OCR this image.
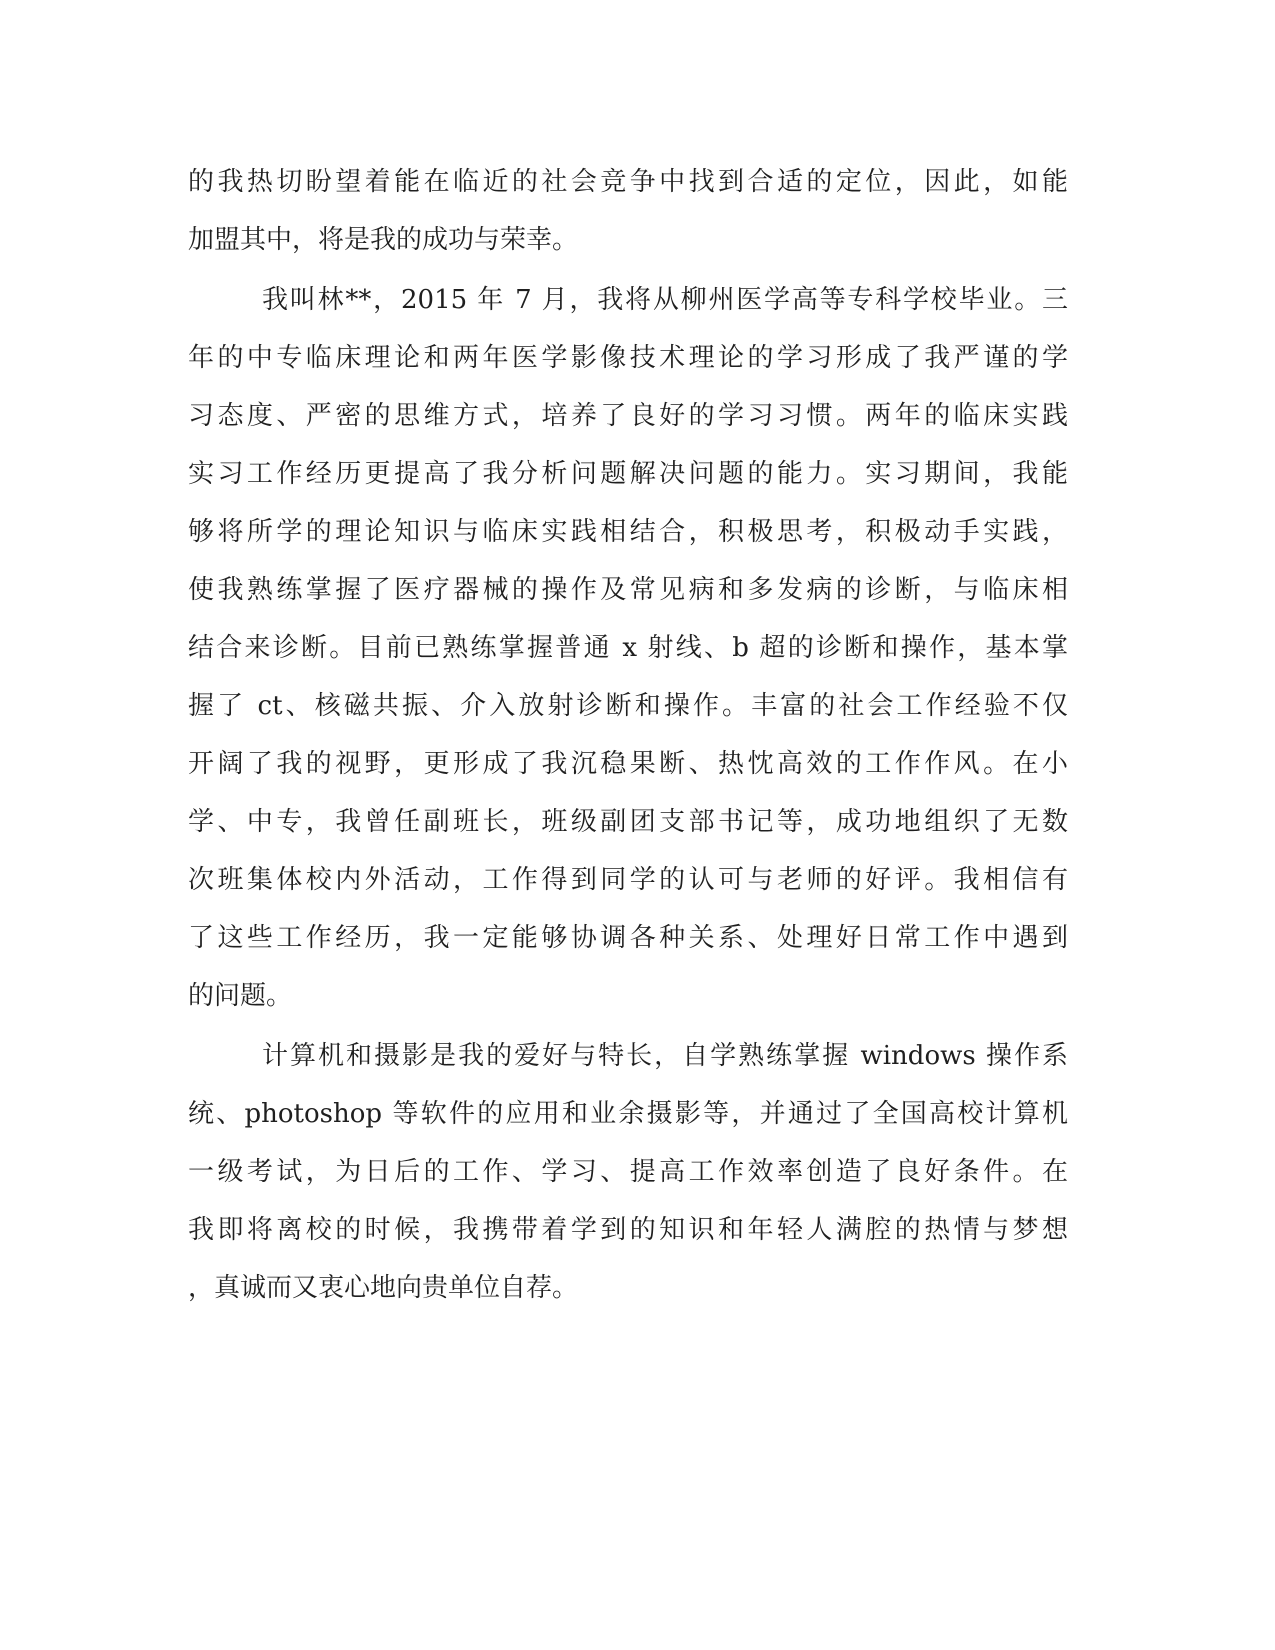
的我热切盼望着能在临近的社会竞争中找到合适的定位，因此，如能
加盟其中，将是我的成功与荣幸。
我叫林**，2015 年 7 月，我将从柳州医学高等专科学校毕业。三
年的中专临床理论和两年医学影像技术理论的学习形成了我严谨的学
习态度、严密的思维方式，培养了良好的学习习惯。两年的临床实践
实习工作经历更提高了我分析问题解决问题的能力。实习期间，我能
够将所学的理论知识与临床实践相结合，积极思考，积极动手实践，
使我熟练掌握了医疗器械的操作及常见病和多发病的诊断，与临床相
结合来诊断。目前已熟练掌握普通 x 射线、b 超的诊断和操作，基本掌
握了 ct、核磁共振、介入放射诊断和操作。丰富的社会工作经验不仅
开阔了我的视野，更形成了我沉稳果断、热忱高效的工作作风。在小
学、中专，我曾任副班长，班级副团支部书记等，成功地组织了无数
次班集体校内外活动，工作得到同学的认可与老师的好评。我相信有
了这些工作经历，我一定能够协调各种关系、处理好日常工作中遇到
的问题。
计算机和摄影是我的爱好与特长，自学熟练掌握 windows 操作系
统、photoshop 等软件的应用和业余摄影等，并通过了全国高校计算机
一级考试，为日后的工作、学习、提高工作效率创造了良好条件。在
我即将离校的时候，我携带着学到的知识和年轻人满腔的热情与梦想
，真诚而又衷心地向贵单位自荐。
